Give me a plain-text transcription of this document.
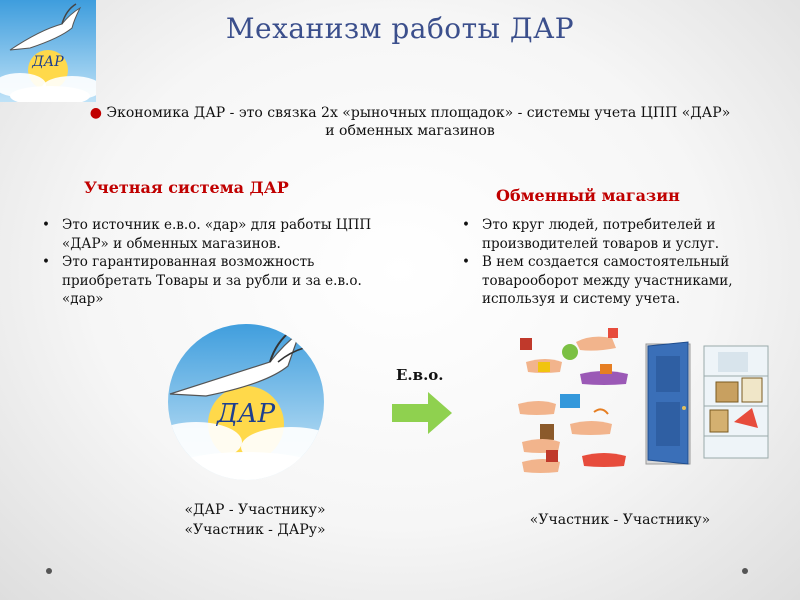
ДАР
Механизм работы ДАР
● Экономика ДАР - это связка 2х «рыночных площадок» - системы учета ЦПП «ДАР»
и обменных магазинов
Учетная система ДАР	Обменный магазин
• Это источник е.в.о. «дар» для работы ЦПП «ДАР» и обменных магазинов.
• Это гарантированная возможность приобретать Товары и за рубли и за е.в.о. «дар»
• Это круг людей, потребителей и производителей товаров и услуг.
• В нем создается самостоятельный товарооборот между участниками, используя и систему учета.
ДАР
Е.в.о.
«ДАР - Участнику»
«Участник - ДАРу»
«Участник - Участнику»
